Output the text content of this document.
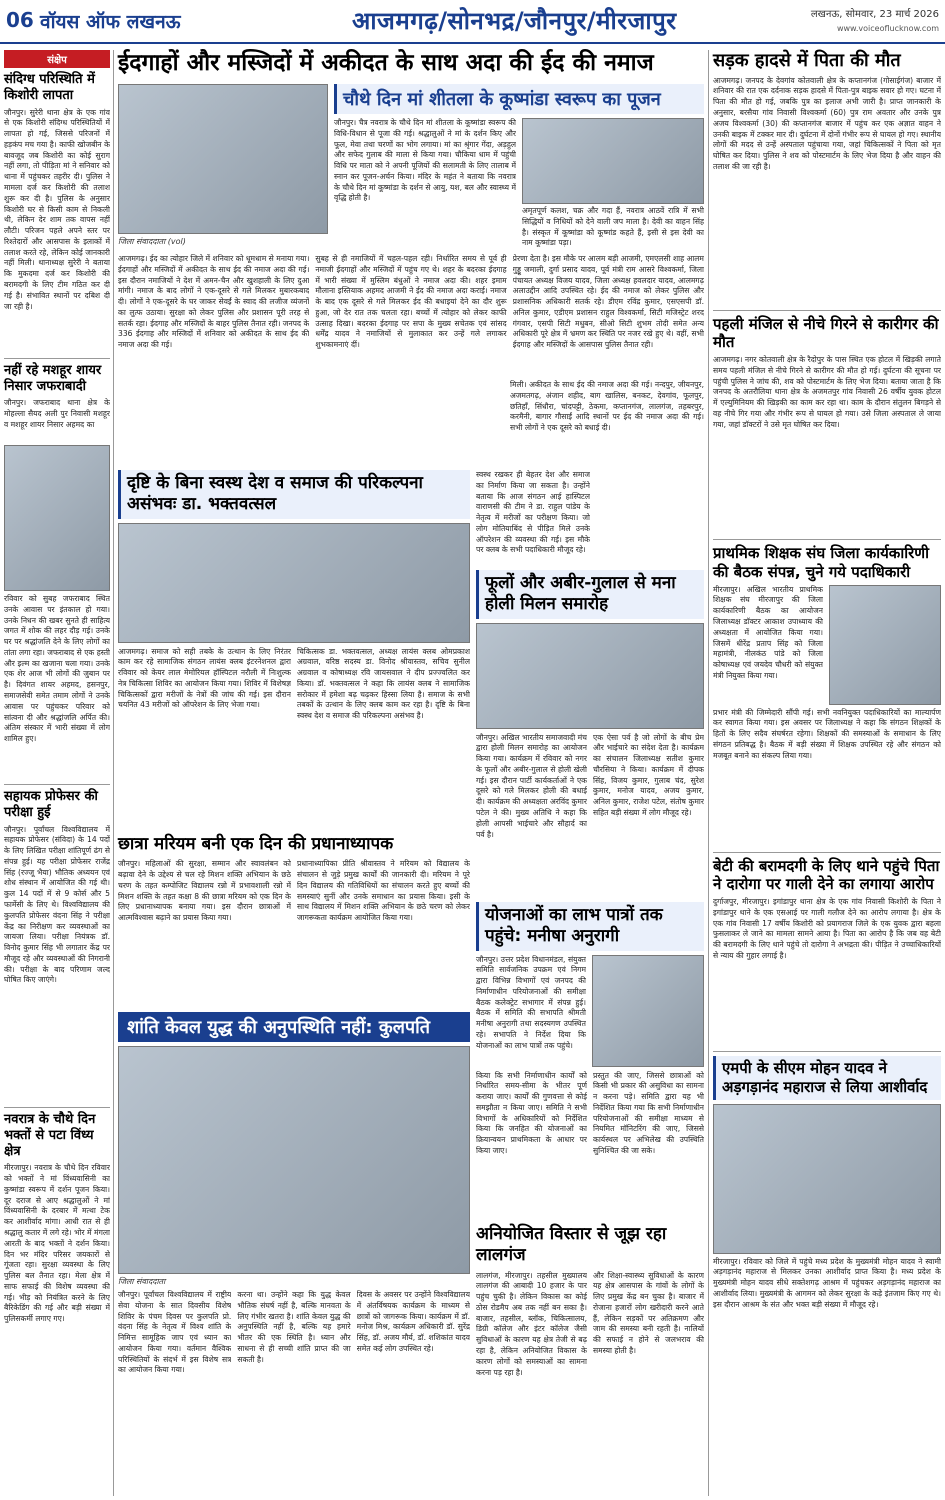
06 वॉयस ऑफ लखनऊ	आजमगढ़/सोनभद्र/जौनपुर/मीरजापुर	लखनऊ, सोमवार, 23 मार्च 2026
www.voiceoflucknow.com
संक्षेप
संदिग्ध परिस्थिति में किशोरी लापता
जौनपुर। सुरेरी थाना क्षेत्र के एक गांव से एक किशोरी संदिग्ध परिस्थितियों में लापता हो गई, जिससे परिजनों में हड़कंप मच गया है। काफी खोजबीन के बावजूद जब किशोरी का कोई सुराग नहीं लगा, तो पीड़िता मां ने सनिवार को थाना में पहुंचकर तहरीर दी। पुलिस ने मामला दर्ज कर किशोरी की तलाश शुरू कर दी है। पुलिस के अनुसार किशोरी घर से किसी काम से निकली थी, लेकिन देर शाम तक वापस नहीं लौटी। परिजन पहले अपने स्तर पर रिश्तेदारों और आसपास के इलाकों में तलाश करते रहे, लेकिन कोई जानकारी नहीं मिली। थानाध्यक्ष सुरेरी ने बताया कि मुकदमा दर्ज कर किशोरी की बरामदगी के लिए टीम गठित कर दी गई है। संभावित स्थानों पर दबिश दी जा रही है।
नहीं रहे मशहूर शायर निसार जफराबादी
जौनपुर। जफराबाद थाना क्षेत्र के मोहल्ला सैयद अली पुर निवासी मशहूर व मशहूर शायर निसार अहमद का
रविवार को सुबह जफराबाद स्थित उनके आवास पर इंतकाल हो गया। उनके निधन की खबर सुनते ही साहित्य जगत में शोक की लहर दौड़ गई। उनके घर पर श्रद्धांजलि देने के लिए लोगों का तांता लगा रहा। जफराबाद से एक हस्ती और इल्म का खजाना चला गया। उनके एक शेर आज भी लोगों की जुबान पर है। दिवंगत शायर अहमद, हसनपुर, समाजसेवी समेत तमाम लोगों ने उनके आवास पर पहुंचकर परिवार को सांत्वना दी और श्रद्धांजलि अर्पित की। अंतिम संस्कार में भारी संख्या में लोग शामिल हुए।
सहायक प्रोफेसर की परीक्षा हुई
जौनपुर। पूर्वांचल विश्वविद्यालय में सहायक प्रोफेसर (संविदा) के 14 पदों के लिए लिखित परीक्षा शांतिपूर्ण ढंग से संपन्न हुई। यह परीक्षा प्रोफेसर राजेंद्र सिंह (रज्जू भैया) भौतिक अध्ययन एवं शोध संस्थान में आयोजित की गई थी। कुल 14 पदों में से 9 कोर्स और 5 फार्मेसी के लिए थे। विश्वविद्यालय की कुलपति प्रोफेसर वंदना सिंह ने परीक्षा केंद्र का निरीक्षण कर व्यवस्थाओं का जायजा लिया। परीक्षा नियंत्रक डॉ. विनोद कुमार सिंह भी लगातार केंद्र पर मौजूद रहे और व्यवस्थाओं की निगरानी की। परीक्षा के बाद परिणाम जल्द घोषित किए जाएंगे।
नवरात्र के चौथे दिन भक्तों से पटा विंध्य क्षेत्र
मीरजापुर। नवरात्र के चौथे दिन रविवार को भक्तों ने मां विंध्यवासिनी का कुष्मांडा स्वरूप में दर्शन पूजन किया। दूर दराज से आए श्रद्धालुओं ने मां विंध्यवासिनी के दरबार में मत्था टेक कर आशीर्वाद मांगा। आधी रात से ही श्रद्धालु कतार में लगे रहे। भोर में मंगला आरती के बाद भक्तों ने दर्शन किया। दिन भर मंदिर परिसर जयकारों से गूंजता रहा। सुरक्षा व्यवस्था के लिए पुलिस बल तैनात रहा। मेला क्षेत्र में साफ सफाई की विशेष व्यवस्था की गई। भीड़ को नियंत्रित करने के लिए बैरिकेडिंग की गई और बड़ी संख्या में पुलिसकर्मी लगाए गए।
ईदगाहों और मस्जिदों में अकीदत के साथ अदा की ईद की नमाज
जिला संवाददाता (vol)
चौथे दिन मां शीतला के कूष्मांडा स्वरूप का पूजन
जौनपुर। चैत्र नवरात्र के चौथे दिन मां शीतला के कूष्मांडा स्वरूप की विधि-विधान से पूजा की गई। श्रद्धालुओं ने मां के दर्शन किए और फूल, मेवा तथा चरणों का भोग लगाया। मां का श्रृंगार गेंदा, अड़हुल और सफेद गुलाब की माला से किया गया। चौकिया धाम में पहुंची विधि पर माता को ने अपनी पूजियों की सलामती के लिए तालाब में स्नान कर पूजन-अर्चन किया। मंदिर के महंत ने बताया कि नवरात्र के चौथे दिन मां कूष्मांडा के दर्शन से आयु, यश, बल और स्वास्थ्य में वृद्धि होती है।
अमृतपूर्ण कलश, चक्र और गदा हैं, नवरात्र आठवें रात्रि में सभी सिद्धियों व निधियों को देने वाली जप माला है। देवी का वाहन सिंह है। संस्कृत में कूष्मांडा को कूष्मांड कहते हैं, इसी से इस देवी का नाम कूष्मांडा पड़ा।
आजमगढ़। ईद का त्योहार जिले में शनिवार को धूमधाम से मनाया गया। ईदगाहों और मस्जिदों में अकीदत के साथ ईद की नमाज अदा की गई। इस दौरान नमाजियों ने देश में अमन-चैन और खुशहाली के लिए दुआ मांगी। नमाज के बाद लोगों ने एक-दूसरे से गले मिलकर मुबारकबाद दी। लोगों ने एक-दूसरे के घर जाकर सेवईं के स्वाद की लजीज व्यंजनों का लुत्फ उठाया। सुरक्षा को लेकर पुलिस और प्रशासन पूरी तरह से सतर्क रहा। ईदगाह और मस्जिदों के बाहर पुलिस तैनात रही। जनपद के 336 ईदगाह और मस्जिदों में शनिवार को अकीदत के साथ ईद की नमाज अदा की गई।
सुबह से ही नमाजियों में चहल-पहल रही। निर्धारित समय से पूर्व ही नमाजी ईदगाहों और मस्जिदों में पहुंच गए थे। शहर के बदरका ईदगाह में भारी संख्या में मुस्लिम बंधुओं ने नमाज अदा की। शहर इमाम मौलाना इस्तियाक अहमद आजमी ने ईद की नमाज अदा कराई। नमाज के बाद एक दूसरे से गले मिलकर ईद की बधाइयां देने का दौर शुरू हुआ, जो देर रात तक चलता रहा। बच्चों में त्योहार को लेकर काफी उत्साह दिखा। बदरका ईदगाह पर सपा के मुख्य सचेतक एवं सांसद धर्मेंद्र यादव ने नमाजियों से मुलाकात कर उन्हें गले लगाकर शुभकामनाएं दीं।
प्रेरणा देता है। इस मौके पर आलम बड़ी आजमी, एमएलसी शाह आलम गुड्डू जमाली, दुर्गा प्रसाद यादव, पूर्व मंत्री राम आसरे विश्वकर्मा, जिला पंचायत अध्यक्ष विजय यादव, जिला अध्यक्ष हवलदार यादव, आलमगढ़ अलाउद्दीन आदि उपस्थित रहे। ईद की नमाज को लेकर पुलिस और प्रशासनिक अधिकारी सतर्क रहे। डीएम रविंद्र कुमार, एसएसपी डॉ. अनिल कुमार, एडीएम प्रशासन राहुल विश्वकर्मा, सिटी मजिस्ट्रेट शरद गंगवार, एसपी सिटी मधुबन, सीओ सिटी शुभम तोदी समेत अन्य अधिकारी पूरे क्षेत्र में भ्रमण कर स्थिति पर नजर रखे हुए थे। वहीं, सभी ईदगाह और मस्जिदों के आसपास पुलिस तैनात रही।
मिली। अकीदत के साथ ईद की नमाज अदा की गई। नन्दपुर, जीयनपुर, अजमतगढ़, अंजान शहीद, बाग खालिस, बनकट, देवगांव, फूलपुर, छतिहाँ, सिंधौरा, चांदपट्टी, ठेकमा, कप्तानगंज, लालगंज, तहबरपुर, करमैनी, बागार गौसाईं आदि स्थानों पर ईद की नमाज अदा की गई। सभी लोगों ने एक दूसरे को बधाई दी।
दृष्टि के बिना स्वस्थ देश व समाज की परिकल्पना असंभवः डा. भक्तवत्सल
आजमगढ़। समाज को सही तबके के उत्थान के लिए निरंतर काम कर रहे सामाजिक संगठन लायंस क्लब इंटरनेशनल द्वारा रविवार को केयर लाल मेमोरियल हॉस्पिटल नरौली में निःशुल्क नेत्र चिकित्सा शिविर का आयोजन किया गया। शिविर में विशेषज्ञ चिकित्सकों द्वारा मरीजों के नेत्रों की जांच की गई। इस दौरान चयनित 43 मरीजों को ऑपरेशन के लिए भेजा गया।
चिकित्सक डा. भक्तवत्सल, अध्यक्ष लायंस क्लब ओमप्रकाश अग्रवाल, वरिष्ठ सदस्य डा. विनोद श्रीवास्तव, सचिव सुनील अग्रवाल व कोषाध्यक्ष रवि जायसवाल ने दीप प्रज्ज्वलित कर किया। डॉ. भक्तवत्सल ने कहा कि लायंस क्लब ने सामाजिक सरोकार में हमेशा बढ़ चढ़कर हिस्सा लिया है। समाज के सभी तबकों के उत्थान के लिए क्लब काम कर रहा है। दृष्टि के बिना स्वस्थ देश व समाज की परिकल्पना असंभव है।
स्वस्थ रखकर ही बेहतर देश और समाज का निर्माण किया जा सकता है। उन्होंने बताया कि आज संगठन आई हास्पिटल वाराणसी की टीम ने डा. राहुल पांडेय के नेतृत्व में मरीजों का परीक्षण किया। जो लोग मोतियाबिंद से पीड़ित मिले उनके ऑपरेशन की व्यवस्था की गई। इस मौके पर क्लब के सभी पदाधिकारी मौजूद रहे।
फूलों और अबीर-गुलाल से मना होली मिलन समारोह
जौनपुर। अखिल भारतीय समाजवादी मंच द्वारा होली मिलन समारोह का आयोजन किया गया। कार्यक्रम में रविवार को नगर के फूलों और अबीर-गुलाल से होली खेली गई। इस दौरान पार्टी कार्यकर्ताओं ने एक दूसरे को गले मिलकर होली की बधाई दी। कार्यक्रम की अध्यक्षता अरविंद कुमार पटेल ने की। मुख्य अतिथि ने कहा कि होली आपसी भाईचारे और सौहार्द का पर्व है।
एक ऐसा पर्व है जो लोगों के बीच प्रेम और भाईचारे का संदेश देता है। कार्यक्रम का संचालन जिलाध्यक्ष सतीश कुमार चौरसिया ने किया। कार्यक्रम में दीपक सिंह, विजय कुमार, गुलाब चंद, सुरेश कुमार, मनोज यादव, अजय कुमार, अनिल कुमार, राजेश पटेल, संतोष कुमार सहित बड़ी संख्या में लोग मौजूद रहे।
छात्रा मरियम बनी एक दिन की प्रधानाध्यापक
जौनपुर। महिलाओं की सुरक्षा, सम्मान और स्वावलंबन को बढ़ावा देने के उद्देश्य से चल रहे मिशन शक्ति अभियान के छठे चरण के तहत कम्पोजिट विद्यालय रन्नो में प्रभावशाली रन्नो में मिशन शक्ति के तहत कक्षा 8 की छात्रा मरियम को एक दिन के लिए प्रधानाध्यापक बनाया गया। इस दौरान छात्राओं में आत्मविश्वास बढ़ाने का प्रयास किया गया।
प्रधानाध्यापिका प्रीति श्रीवास्तव ने मरियम को विद्यालय के संचालन से जुड़े प्रमुख कार्यों की जानकारी दी। मरियम ने पूरे दिन विद्यालय की गतिविधियों का संचालन करते हुए बच्चों की समस्याएं सुनीं और उनके समाधान का प्रयास किया। इसी के साथ विद्यालय में मिशन शक्ति अभियान के छठे चरण को लेकर जागरूकता कार्यक्रम आयोजित किया गया।	योजनाओं का लाभ पात्रों तक पहुंचे: मनीषा अनुरागी
जौनपुर। उत्तर प्रदेश विधानमंडल, संयुक्त समिति सार्वजनिक उपक्रम एवं निगम द्वारा विभिन्न विभागों एवं जनपद की निर्माणाधीन परियोजनाओं की समीक्षा बैठक कलेक्ट्रेट सभागार में संपन्न हुई। बैठक में समिति की सभापति श्रीमती मनीषा अनुरागी तथा सदस्यगण उपस्थित रहे। सभापति ने निर्देश दिया कि योजनाओं का लाभ पात्रों तक पहुंचे।
किया कि सभी निर्माणाधीन कार्यों को निर्धारित समय-सीमा के भीतर पूर्ण कराया जाए। कार्यों की गुणवत्ता से कोई समझौता न किया जाए। समिति ने सभी विभागों के अधिकारियों को निर्देशित किया कि जनहित की योजनाओं का क्रियान्वयन प्राथमिकता के आधार पर किया जाए।
प्रस्तुत की जाए, जिससे छात्राओं को किसी भी प्रकार की असुविधा का सामना न करना पड़े। समिति द्वारा यह भी निर्देशित किया गया कि सभी निर्माणाधीन परियोजनाओं की समीक्षा माध्यम से नियमित मॉनिटरिंग की जाए, जिससे कार्यस्थल पर अभिलेख की उपस्थिति सुनिश्चित की जा सके।
शांति केवल युद्ध की अनुपस्थिति नहीं: कुलपति
जिला संवाददाता
जौनपुर। पूर्वांचल विश्वविद्यालय में राष्ट्रीय सेवा योजना के सात दिवसीय विशेष शिविर के पंचम दिवस पर कुलपति प्रो. वंदना सिंह के नेतृत्व में विश्व शांति के निमित्त सामूहिक जाप एवं ध्यान का आयोजन किया गया। वर्तमान वैश्विक परिस्थितियों के संदर्भ में इस विशेष सत्र का आयोजन किया गया।
करना था। उन्होंने कहा कि युद्ध केवल भौतिक संघर्ष नहीं है, बल्कि मानवता के लिए गंभीर खतरा है। शांति केवल युद्ध की अनुपस्थिति नहीं है, बल्कि यह हमारे भीतर की एक स्थिति है। ध्यान और साधना से ही सच्ची शांति प्राप्त की जा सकती है।
दिवस के अवसर पर उन्होंने विश्वविद्यालय में अंतर्विषयक कार्यक्रम के माध्यम से छात्रों को जागरूक किया। कार्यक्रम में डॉ. मनोज मिश्र, कार्यक्रम अधिकारी डॉ. सुरेंद्र सिंह, डॉ. अजय मौर्य, डॉ. शशिकांत यादव समेत कई लोग उपस्थित रहे।
अनियोजित विस्तार से जूझ रहा लालगंज
लालगंज, मीरजापुर। तहसील मुख्यालय लालगंज की आबादी 10 हजार के पार पहुंच चुकी है। लेकिन विकास का कोई ठोस रोडमैप अब तक नहीं बन सका है। बाजार, तहसील, ब्लॉक, चिकित्सालय, डिग्री कॉलेज और इंटर कॉलेज जैसी सुविधाओं के कारण यह क्षेत्र तेजी से बढ़ रहा है, लेकिन अनियोजित विकास के कारण लोगों को समस्याओं का सामना करना पड़ रहा है।
और शिक्षा-स्वास्थ्य सुविधाओं के कारण यह क्षेत्र आसपास के गांवों के लोगों के लिए प्रमुख केंद्र बन चुका है। बाजार में रोजाना हजारों लोग खरीदारी करने आते हैं, लेकिन सड़कों पर अतिक्रमण और जाम की समस्या बनी रहती है। नालियों की सफाई न होने से जलभराव की समस्या होती है।
सड़क हादसे में पिता की मौत
आजमगढ़। जनपद के देवगांव कोतवाली क्षेत्र के कप्तानगंज (गोसाईगंज) बाजार में शनिवार की रात एक दर्दनाक सड़क हादसे में पिता-पुत्र बाइक सवार हो गए। घटना में पिता की मौत हो गई, जबकि पुत्र का इलाज अभी जारी है। प्राप्त जानकारी के अनुसार, बरसैया गांव निवासी विश्वकर्मा (60) पुत्र राम अवतार और उनके पुत्र अजय विश्वकर्मा (30) की कप्तानगंज बाजार में पहुंच कर एक अज्ञात वाहन ने उनकी बाइक में टक्कर मार दी। दुर्घटना में दोनों गंभीर रूप से घायल हो गए। स्थानीय लोगों की मदद से उन्हें अस्पताल पहुंचाया गया, जहां चिकित्सकों ने पिता को मृत घोषित कर दिया। पुलिस ने शव को पोस्टमार्टम के लिए भेज दिया है और वाहन की तलाश की जा रही है।
पहली मंजिल से नीचे गिरने से कारीगर की मौत
आजमगढ़। नगर कोतवाली क्षेत्र के रैदोपुर के पास स्थित एक होटल में खिड़की लगाते समय पहली मंजिल से नीचे गिरने से कारीगर की मौत हो गई। दुर्घटना की सूचना पर पहुंची पुलिस ने जांच की, शव को पोस्टमार्टम के लिए भेज दिया। बताया जाता है कि जनपद के अतरौलिया थाना क्षेत्र के अजमतपुर गांव निवासी 26 वर्षीय युवक होटल में एल्युमिनियम की खिड़की का काम कर रहा था। काम के दौरान संतुलन बिगड़ने से वह नीचे गिर गया और गंभीर रूप से घायल हो गया। उसे जिला अस्पताल ले जाया गया, जहां डॉक्टरों ने उसे मृत घोषित कर दिया।
प्राथमिक शिक्षक संघ जिला कार्यकारिणी की बैठक संपन्न, चुने गये पदाधिकारी
मीरजापुर। अखिल भारतीय प्राथमिक शिक्षक संघ मीरजापुर की जिला कार्यकारिणी बैठक का आयोजन जिलाध्यक्ष डॉक्टर आकाश उपाध्याय की अध्यक्षता में आयोजित किया गया। जिसमें धीरेंद्र प्रताप सिंह को जिला महामंत्री, नीलकंठ पांडे को जिला कोषाध्यक्ष एवं जयदेव चौधरी को संयुक्त मंत्री नियुक्त किया गया।
प्रभार मंत्री की जिम्मेदारी सौंपी गई। सभी नवनियुक्त पदाधिकारियों का माल्यार्पण कर स्वागत किया गया। इस अवसर पर जिलाध्यक्ष ने कहा कि संगठन शिक्षकों के हितों के लिए सदैव संघर्षरत रहेगा। शिक्षकों की समस्याओं के समाधान के लिए संगठन प्रतिबद्ध है। बैठक में बड़ी संख्या में शिक्षक उपस्थित रहे और संगठन को मजबूत बनाने का संकल्प लिया गया।
बेटी की बरामदगी के लिए थाने पहुंचे पिता ने दारोगा पर गाली देने का लगाया आरोप
दुर्गाजपुर, मीरजापुर। इगांडापुर थाना क्षेत्र के एक गांव निवासी किशोरी के पिता ने इगांडापुर थाने के एक एसआई पर गाली गलौज देने का आरोप लगाया है। क्षेत्र के एक गांव निवासी 17 वर्षीय किशोरी को प्रयागराज जिले के एक युवक द्वारा बहला फुसलाकर ले जाने का मामला सामने आया है। पिता का आरोप है कि जब वह बेटी की बरामदगी के लिए थाने पहुंचे तो दारोगा ने अभद्रता की। पीड़ित ने उच्चाधिकारियों से न्याय की गुहार लगाई है।
एमपी के सीएम मोहन यादव ने अड़गड़ानंद महाराज से लिया आशीर्वाद
मीरजापुर। रविवार को जिले में पहुंचे मध्य प्रदेश के मुख्यमंत्री मोहन यादव ने स्वामी अड़गड़ानंद महाराज से मिलकर उनका आशीर्वाद प्राप्त किया है। मध्य प्रदेश के मुख्यमंत्री मोहन यादव सीधे सक्तेशगढ़ आश्रम में पहुंचकर अड़गड़ानंद महाराज का आशीर्वाद लिया। मुख्यमंत्री के आगमन को लेकर सुरक्षा के कड़े इंतजाम किए गए थे। इस दौरान आश्रम के संत और भक्त बड़ी संख्या में मौजूद रहे।
